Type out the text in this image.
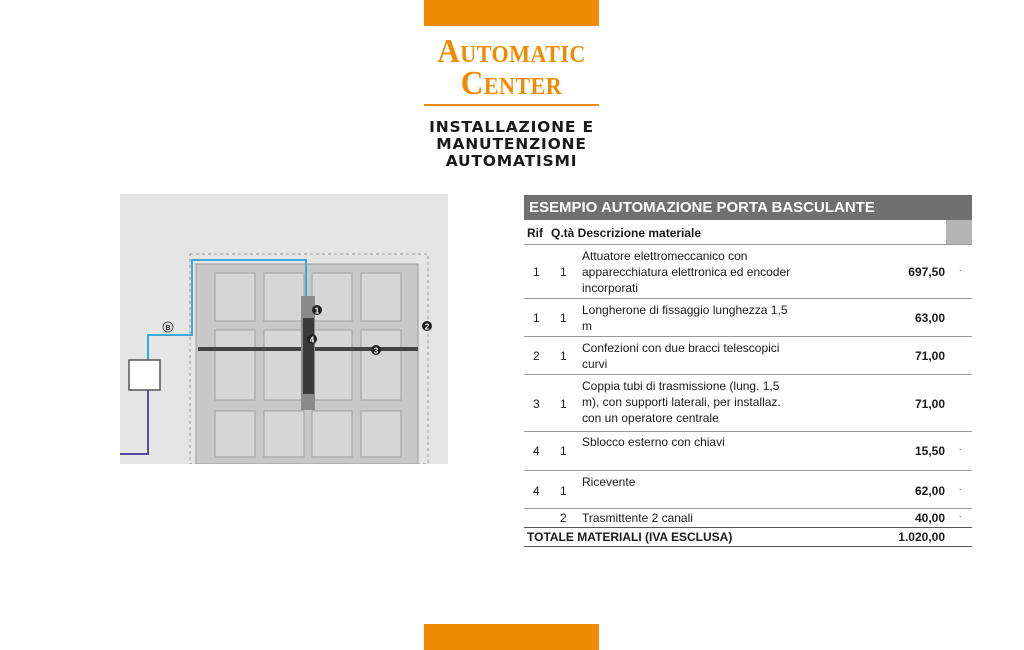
Automatic
Center
INSTALLAZIONE E
MANUTENZIONE
AUTOMATISMI
1
2
3
4
B
ESEMPIO AUTOMAZIONE PORTA BASCULANTE
Rif Q.tà Descrizione materiale
1 1
Attuatore elettromeccanico con apparecchiatura elettronica ed encoder incorporati
697,50 ·
1 1
Longherone di fissaggio lunghezza 1,5 m
63,00
2 1
Confezioni con due bracci telescopici curvi
71,00
3 1
Coppia tubi di trasmissione (lung. 1,5 m), con supporti laterali, per installaz. con un operatore centrale
71,00
4 1
Sblocco esterno con chiavi
15,50 ·
4 1
Ricevente
62,00 ·
2 Trasmittente 2 canali	40,00 ·
TOTALE MATERIALI (IVA ESCLUSA)	1.020,00
